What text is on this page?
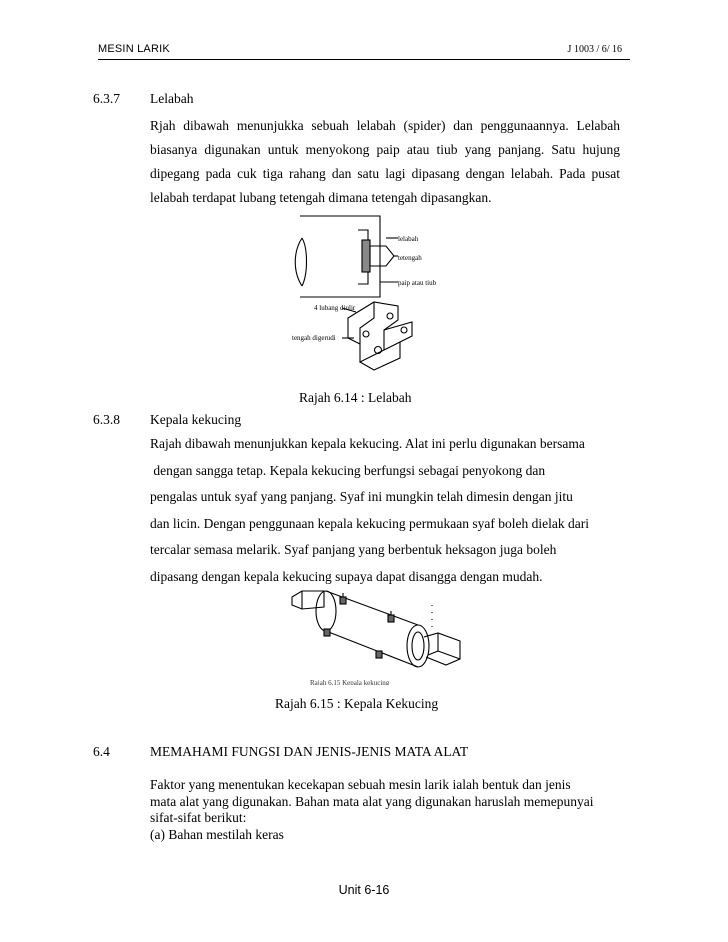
MESIN LARIK	J 1003 / 6/ 16
6.3.7 Lelabah
Rjah dibawah menunjukka sebuah lelabah (spider) dan penggunaannya. Lelabah
biasanya digunakan untuk menyokong paip atau tiub yang panjang. Satu hujung
dipegang pada cuk tiga rahang dan satu lagi dipasang dengan lelabah. Pada pusat
lelabah terdapat lubang tetengah dimana tetengah dipasangkan.
lelabah
tetengah
paip atau tiub
4 lubang diulir
tengah digerudi
Rajah 6.14 : Lelabah
6.3.8 Kepala kekucing
Rajah dibawah menunjukkan kepala kekucing. Alat ini perlu digunakan bersama
dengan sangga tetap. Kepala kekucing berfungsi sebagai penyokong dan
pengalas untuk syaf yang panjang. Syaf ini mungkin telah dimesin dengan jitu
dan licin. Dengan penggunaan kepala kekucing permukaan syaf boleh dielak dari
tercalar semasa melarik. Syaf panjang yang berbentuk heksagon juga boleh
dipasang dengan kepala kekucing supaya dapat disangga dengan mudah.
Rajah 6.15 Kepala kekucing
Rajah 6.15 : Kepala Kekucing
6.4	MEMAHAMI FUNGSI DAN JENIS-JENIS MATA ALAT
Faktor yang menentukan kecekapan sebuah mesin larik ialah bentuk dan jenis
mata alat yang digunakan. Bahan mata alat yang digunakan haruslah memepunyai
sifat-sifat berikut:
(a) Bahan mestilah keras
Unit 6-16
